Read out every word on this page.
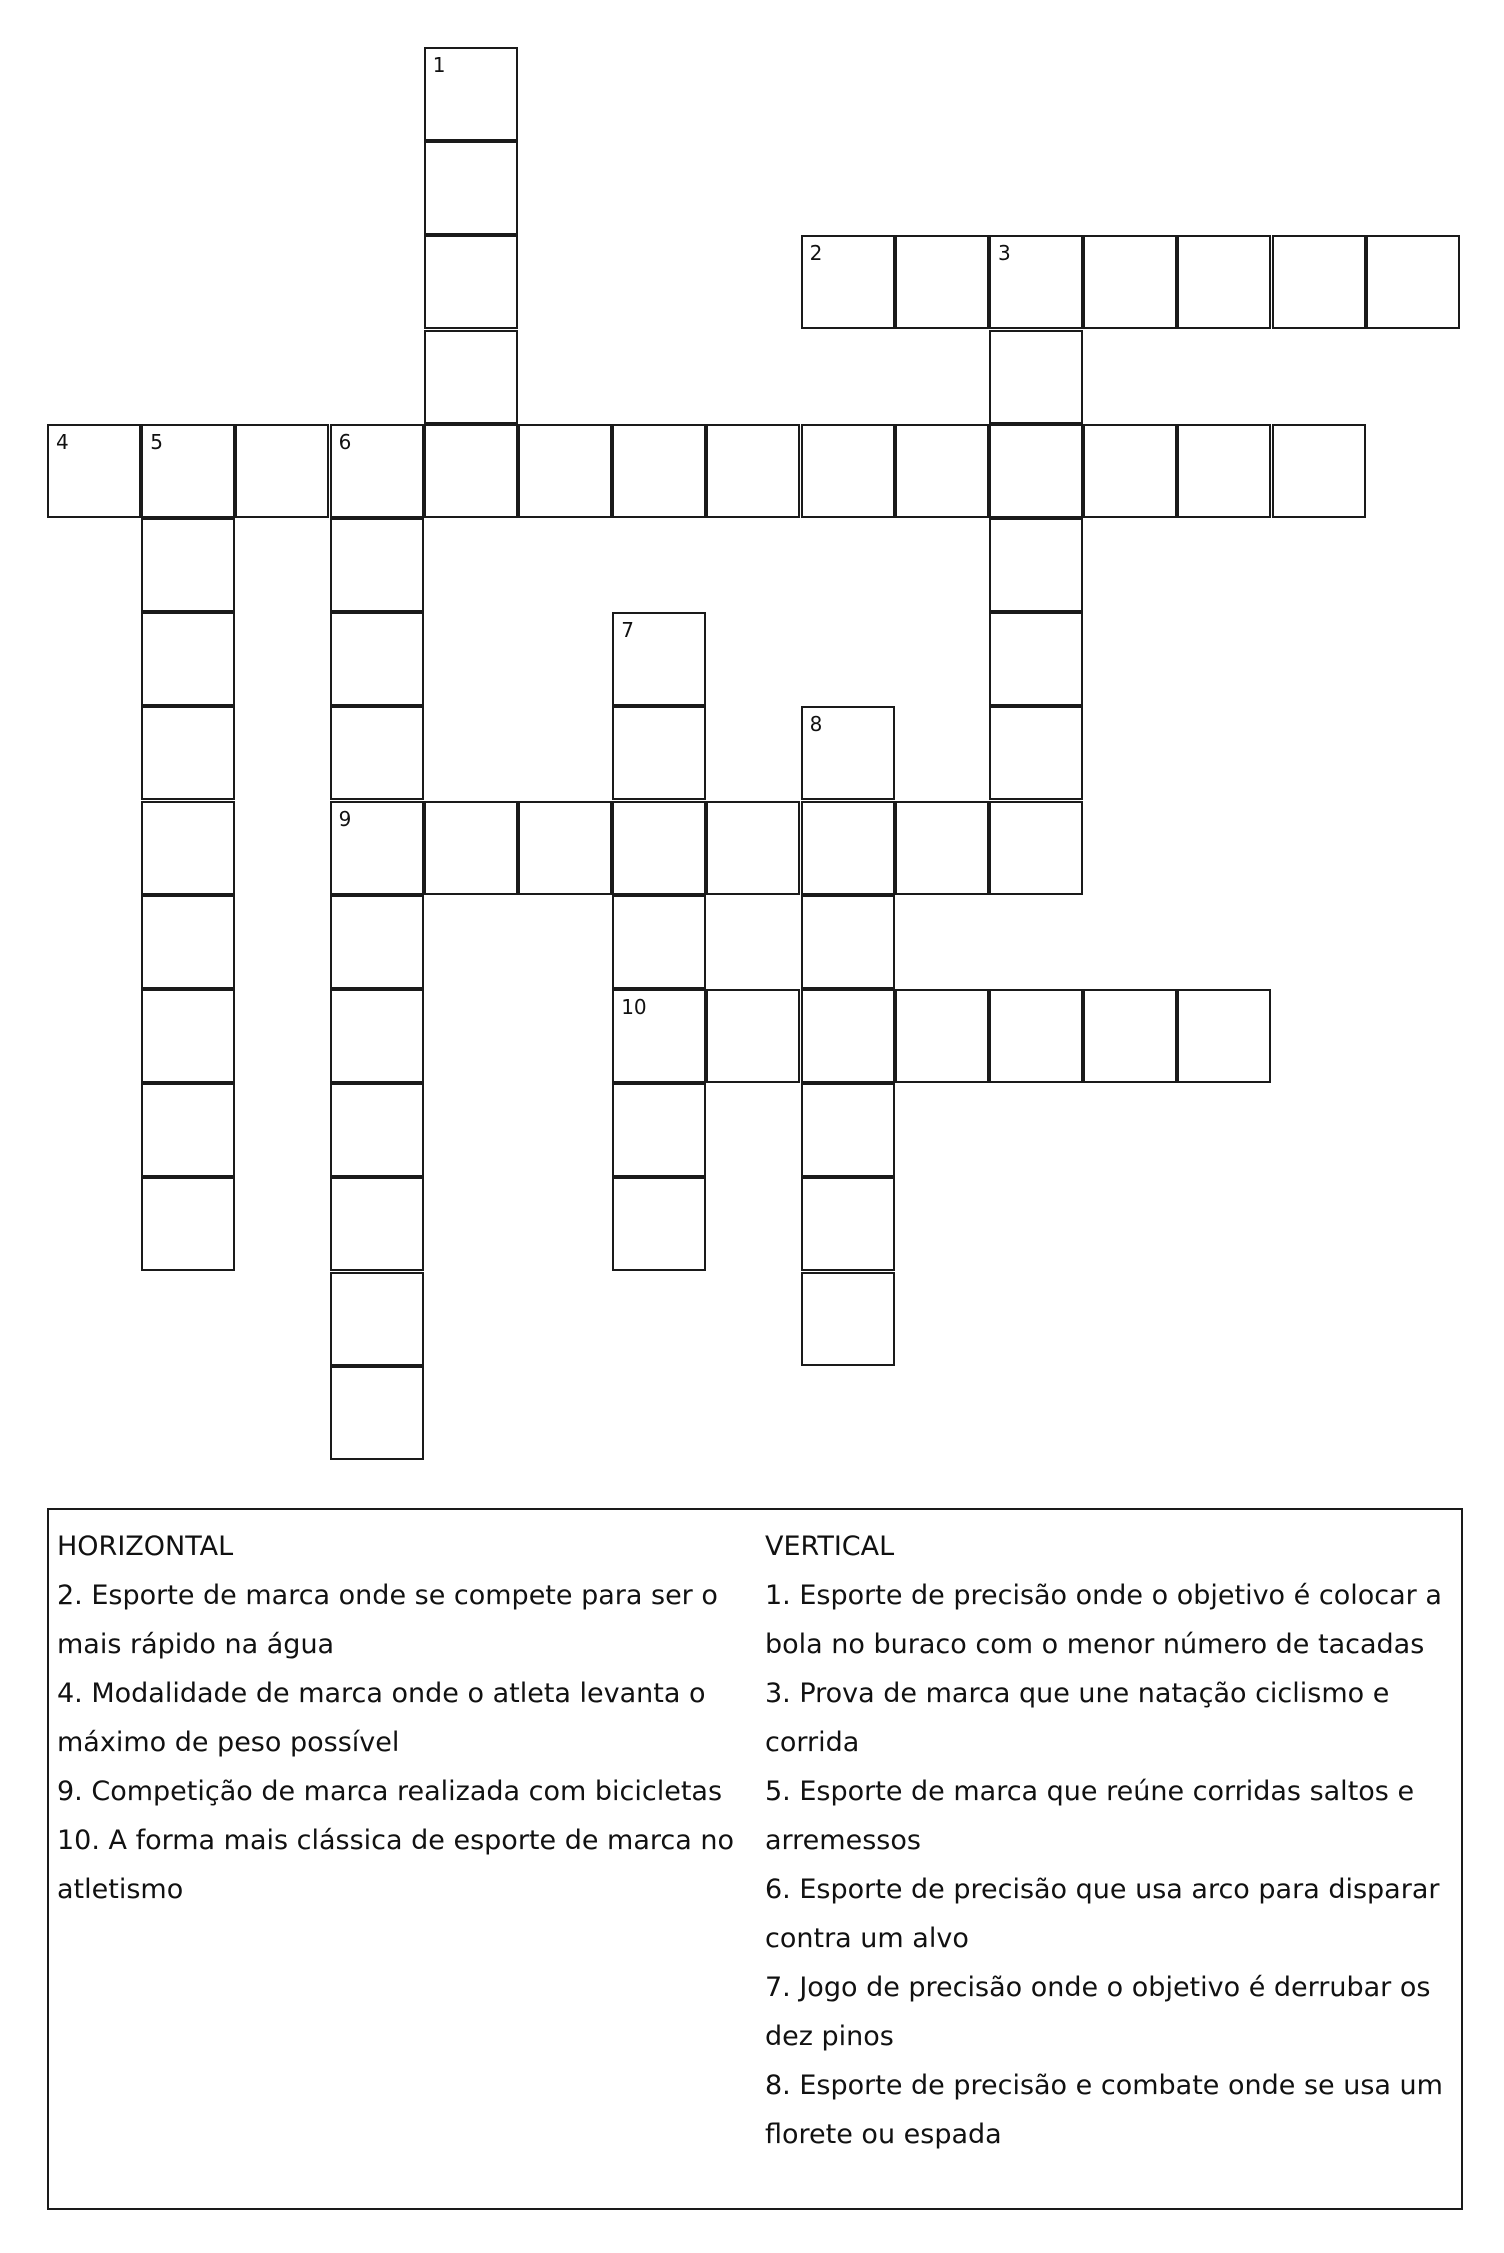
1
2	3
4	5	6
9
7
10
8

HORIZONTAL

2. Esporte de marca onde se compete para ser o mais rápido na água

4. Modalidade de marca onde o atleta levanta o máximo de peso possível

9. Competição de marca realizada com bicicletas

10. A forma mais clássica de esporte de marca no atletismo

VERTICAL

1. Esporte de precisão onde o objetivo é colocar a bola no buraco com o menor número de tacadas

3. Prova de marca que une natação ciclismo e corrida

5. Esporte de marca que reúne corridas saltos e arremessos

6. Esporte de precisão que usa arco para disparar contra um alvo

7. Jogo de precisão onde o objetivo é derrubar os dez pinos

8. Esporte de precisão e combate onde se usa um florete ou espada
